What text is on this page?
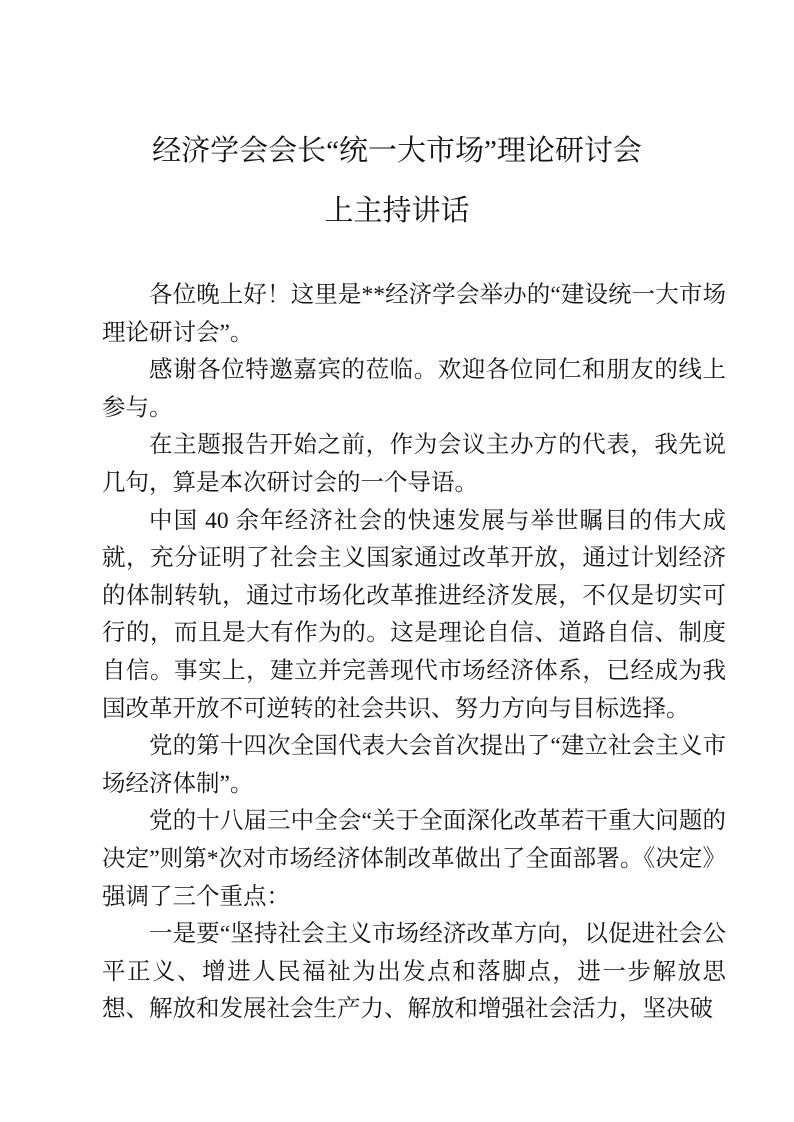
经济学会会长“统一大市场”理论研讨会
上主持讲话

各位晚上好！这里是**经济学会举办的“建设统一大市场理论研讨会”。

感谢各位特邀嘉宾的莅临。欢迎各位同仁和朋友的线上参与。

在主题报告开始之前，作为会议主办方的代表，我先说几句，算是本次研讨会的一个导语。

中国 40 余年经济社会的快速发展与举世瞩目的伟大成就，充分证明了社会主义国家通过改革开放，通过计划经济的体制转轨，通过市场化改革推进经济发展，不仅是切实可行的，而且是大有作为的。这是理论自信、道路自信、制度自信。事实上，建立并完善现代市场经济体系，已经成为我国改革开放不可逆转的社会共识、努力方向与目标选择。

党的第十四次全国代表大会首次提出了“建立社会主义市场经济体制”。

党的十八届三中全会“关于全面深化改革若干重大问题的决定”则第*次对市场经济体制改革做出了全面部署。《决定》强调了三个重点：

一是要“坚持社会主义市场经济改革方向，以促进社会公平正义、增进人民福祉为出发点和落脚点，进一步解放思想、解放和发展社会生产力、解放和增强社会活力，坚决破
